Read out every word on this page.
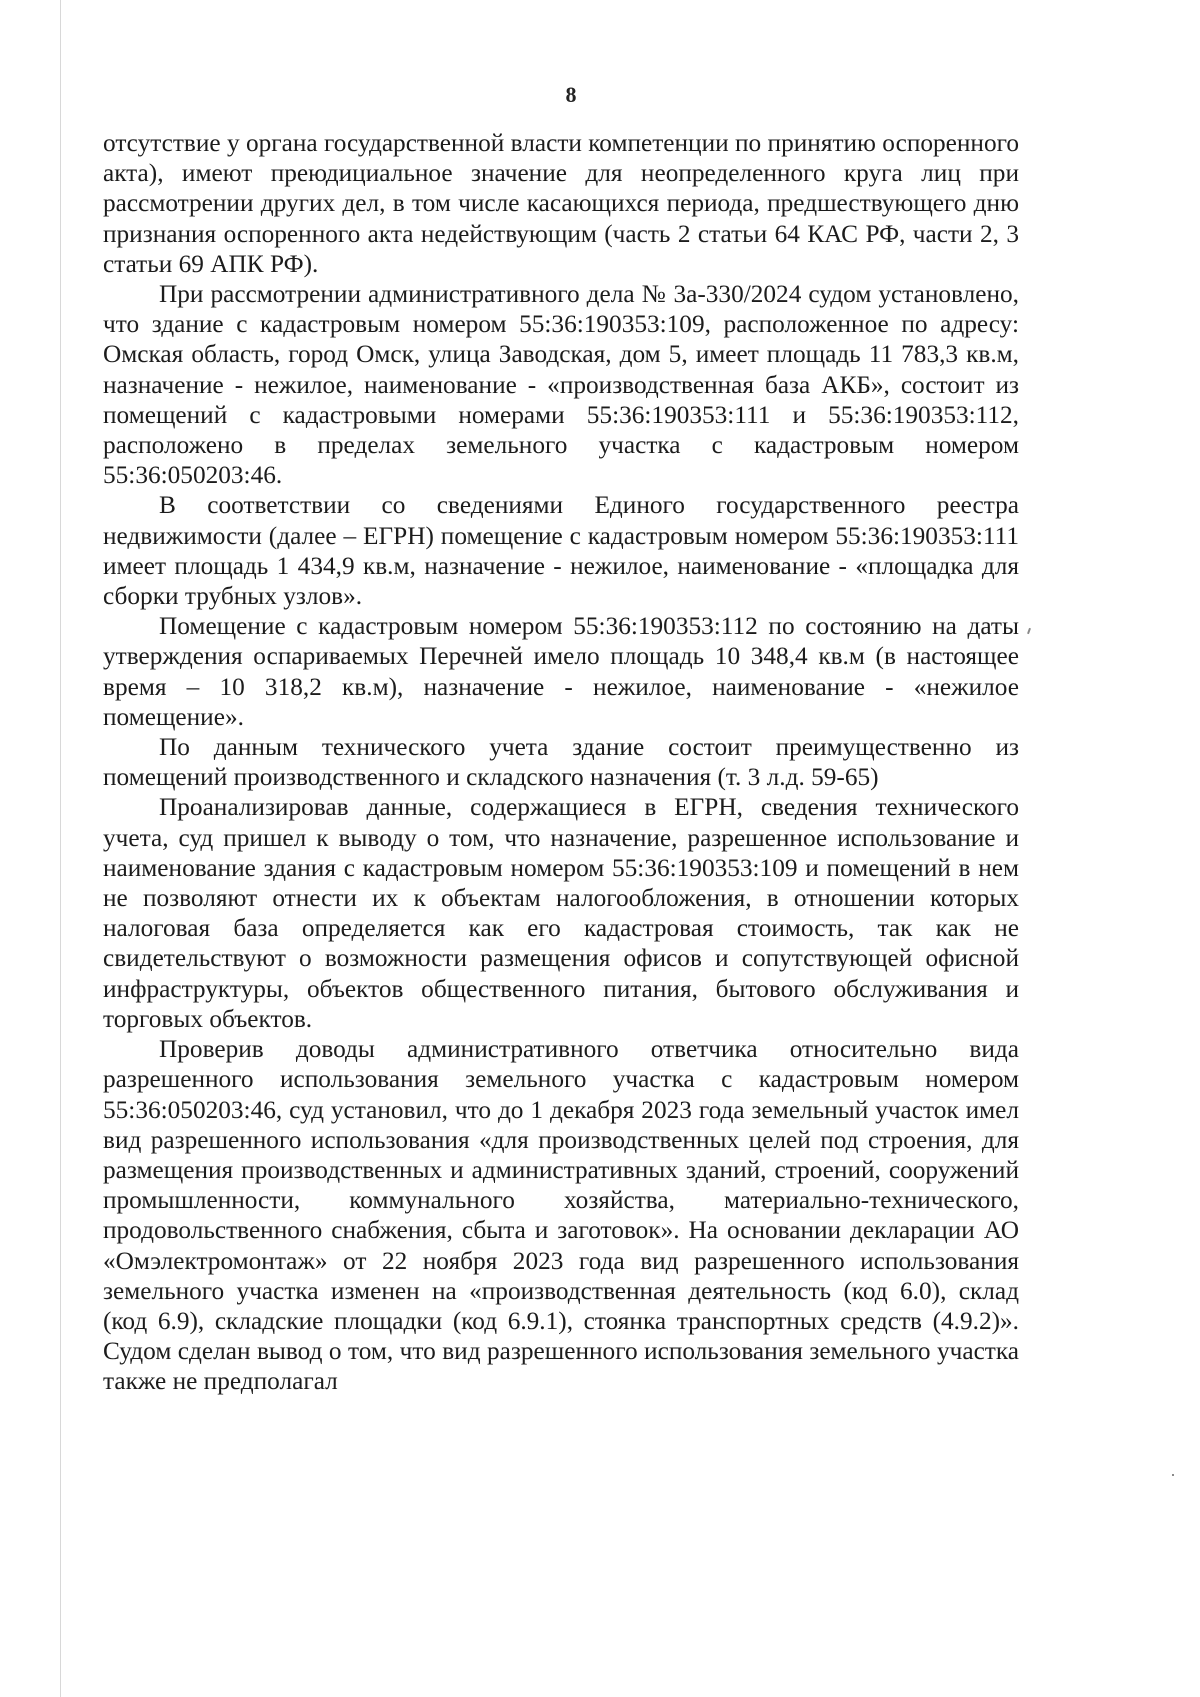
8

отсутствие у органа государственной власти компетенции по принятию оспоренного акта), имеют преюдициальное значение для неопределенного круга лиц при рассмотрении других дел, в том числе касающихся периода, предшествующего дню признания оспоренного акта недействующим (часть 2 статьи 64 КАС РФ, части 2, 3 статьи 69 АПК РФ).

При рассмотрении административного дела № 3а-330/2024 судом установлено, что здание с кадастровым номером 55:36:190353:109, расположенное по адресу: Омская область, город Омск, улица Заводская, дом 5, имеет площадь 11 783,3 кв.м, назначение - нежилое, наименование - «производственная база АКБ», состоит из помещений с кадастровыми номерами 55:36:190353:111 и 55:36:190353:112, расположено в пределах земельного участка с кадастровым номером 55:36:050203:46.

В соответствии со сведениями Единого государственного реестра недвижимости (далее – ЕГРН) помещение с кадастровым номером 55:36:190353:111 имеет площадь 1 434,9 кв.м, назначение - нежилое, наименование - «площадка для сборки трубных узлов».

Помещение с кадастровым номером 55:36:190353:112 по состоянию на даты утверждения оспариваемых Перечней имело площадь 10 348,4 кв.м (в настоящее время – 10 318,2 кв.м), назначение - нежилое, наименование - «нежилое помещение».

По данным технического учета здание состоит преимущественно из помещений производственного и складского назначения (т. 3 л.д. 59-65)

Проанализировав данные, содержащиеся в ЕГРН, сведения технического учета, суд пришел к выводу о том, что назначение, разрешенное использование и наименование здания с кадастровым номером 55:36:190353:109 и помещений в нем не позволяют отнести их к объектам налогообложения, в отношении которых налоговая база определяется как его кадастровая стоимость, так как не свидетельствуют о возможности размещения офисов и сопутствующей офисной инфраструктуры, объектов общественного питания, бытового обслуживания и торговых объектов.

Проверив доводы административного ответчика относительно вида разрешенного использования земельного участка с кадастровым номером 55:36:050203:46, суд установил, что до 1 декабря 2023 года земельный участок имел вид разрешенного использования «для производственных целей под строения, для размещения производственных и административных зданий, строений, сооружений промышленности, коммунального хозяйства, материально-технического, продовольственного снабжения, сбыта и заготовок». На основании декларации АО «Омэлектромонтаж» от 22 ноября 2023 года вид разрешенного использования земельного участка изменен на «производственная деятельность (код 6.0), склад (код 6.9), складские площадки (код 6.9.1), стоянка транспортных средств (4.9.2)». Судом сделан вывод о том, что вид разрешенного использования земельного участка также не предполагал
